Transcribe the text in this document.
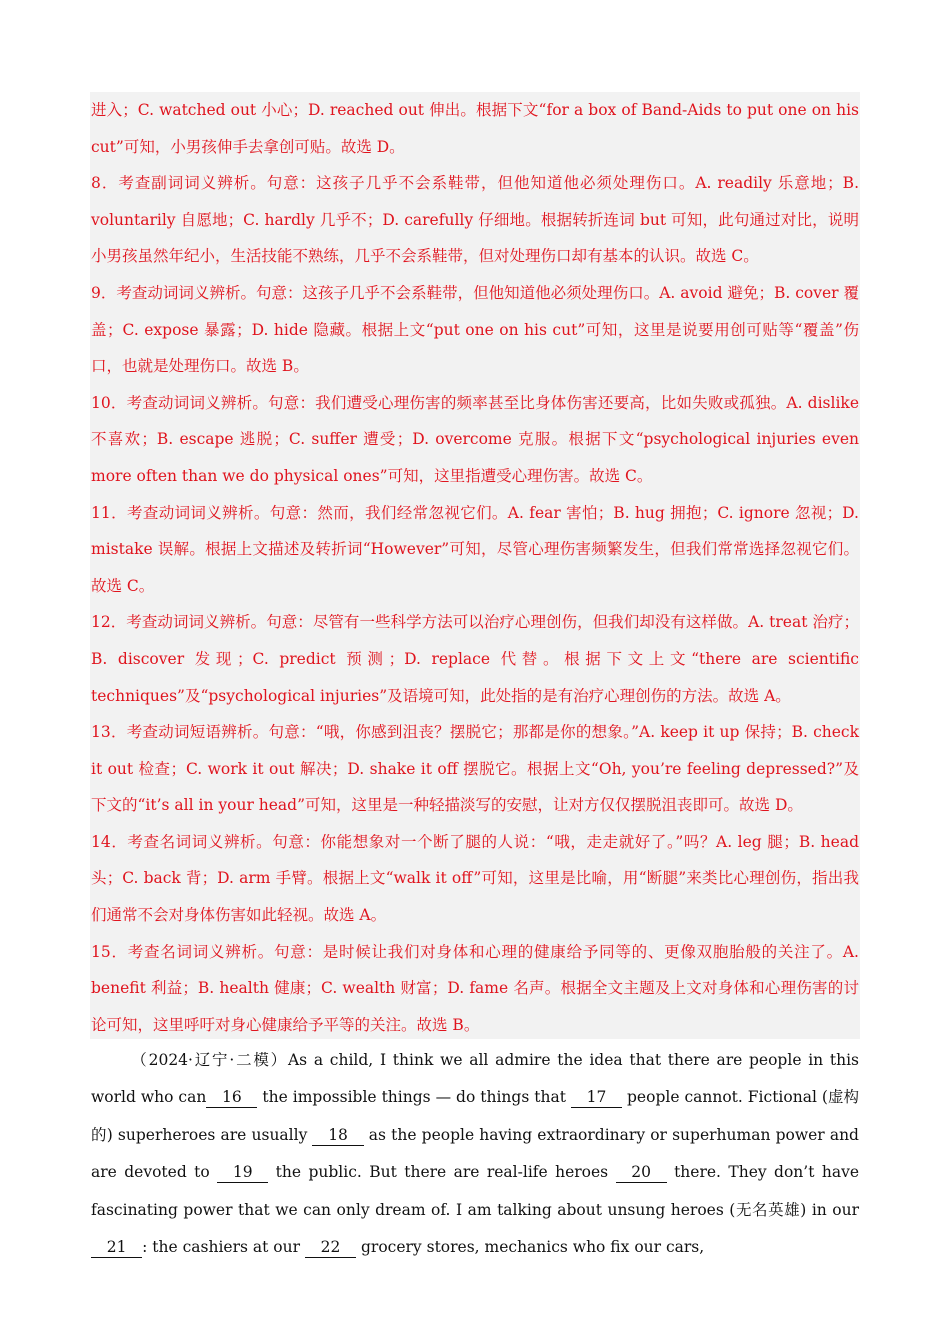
进入；C. watched out 小心；D. reached out 伸出。根据下文“for a box of Band-Aids to put one on his cut”可知，小男孩伸手去拿创可贴。故选 D。

8．考查副词词义辨析。句意：这孩子几乎不会系鞋带，但他知道他必须处理伤口。A. readily 乐意地；B. voluntarily 自愿地；C. hardly 几乎不；D. carefully 仔细地。根据转折连词 but 可知，此句通过对比，说明小男孩虽然年纪小，生活技能不熟练，几乎不会系鞋带，但对处理伤口却有基本的认识。故选 C。

9．考查动词词义辨析。句意：这孩子几乎不会系鞋带，但他知道他必须处理伤口。A. avoid 避免；B. cover 覆盖；C. expose 暴露；D. hide 隐藏。根据上文“put one on his cut”可知，这里是说要用创可贴等“覆盖”伤口，也就是处理伤口。故选 B。

10．考查动词词义辨析。句意：我们遭受心理伤害的频率甚至比身体伤害还要高，比如失败或孤独。A. dislike 不喜欢；B. escape 逃脱；C. suffer 遭受；D. overcome 克服。根据下文“psychological injuries even more often than we do physical ones”可知，这里指遭受心理伤害。故选 C。

11．考查动词词义辨析。句意：然而，我们经常忽视它们。A. fear 害怕；B. hug 拥抱；C. ignore 忽视；D. mistake 误解。根据上文描述及转折词“However”可知，尽管心理伤害频繁发生，但我们常常选择忽视它们。故选 C。

12．考查动词词义辨析。句意：尽管有一些科学方法可以治疗心理创伤，但我们却没有这样做。A. treat 治疗；B. discover 发现；C. predict 预测；D. replace 代替。根据下文上文“there are scientific techniques”及“psychological injuries”及语境可知，此处指的是有治疗心理创伤的方法。故选 A。

13．考查动词短语辨析。句意：“哦，你感到沮丧？摆脱它；那都是你的想象。”A. keep it up 保持；B. check it out 检查；C. work it out 解决；D. shake it off 摆脱它。根据上文“Oh, you’re feeling depressed?”及下文的“it’s all in your head”可知，这里是一种轻描淡写的安慰，让对方仅仅摆脱沮丧即可。故选 D。

14．考查名词词义辨析。句意：你能想象对一个断了腿的人说：“哦，走走就好了。”吗？A. leg 腿；B. head 头；C. back 背；D. arm 手臂。根据上文“walk it off”可知，这里是比喻，用“断腿”来类比心理创伤，指出我们通常不会对身体伤害如此轻视。故选 A。

15．考查名词词义辨析。句意：是时候让我们对身体和心理的健康给予同等的、更像双胞胎般的关注了。A. benefit 利益；B. health 健康；C. wealth 财富；D. fame 名声。根据全文主题及上文对身体和心理伤害的讨论可知，这里呼吁对身心健康给予平等的关注。故选 B。

（2024·辽宁·二模）As a child, I think we all admire the idea that there are people in this world who can 16 the impossible things — do things that 17 people cannot. Fictional (虚构的) superheroes are usually 18 as the people having extraordinary or superhuman power and are devoted to 19 the public. But there are real-life heroes 20 there. They don’t have fascinating power that we can only dream of. I am talking about unsung heroes (无名英雄) in our 21 : the cashiers at our 22 grocery stores, mechanics who fix our cars,
